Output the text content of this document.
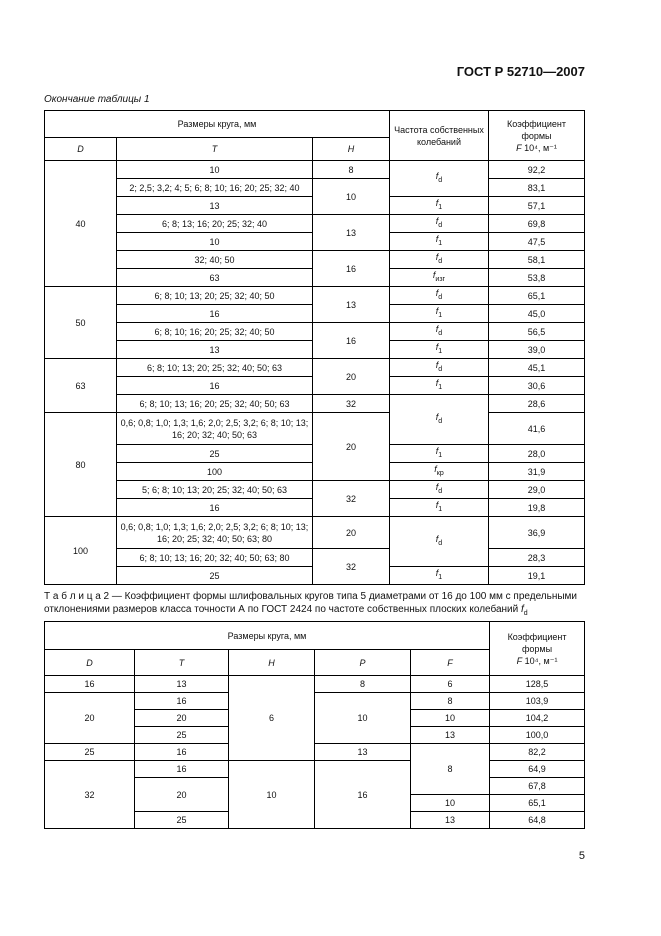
ГОСТ Р 52710—2007
Окончание таблицы 1
Размеры круга, мм			Частота собственных колебаний	Коэффициент формы
F 10⁴, м⁻¹
D	T	H		
40	10	8	$f_d$	92,2
	2; 2,5; 3,2; 4; 5; 6; 8; 10; 16; 20; 25; 32; 40	10		83,1
	13		$f_1$	57,1
	6; 8; 13; 16; 20; 25; 32; 40	13	$f_d$	69,8
	10		$f_1$	47,5
	32; 40; 50	16	$f_d$	58,1
	63		$f_{изг}$	53,8
50	6; 8; 10; 13; 20; 25; 32; 40; 50	13	$f_d$	65,1
	16		$f_1$	45,0
	6; 8; 10; 16; 20; 25; 32; 40; 50	16	$f_d$	56,5
	13		$f_1$	39,0
63	6; 8; 10; 13; 20; 25; 32; 40; 50; 63	20	$f_d$	45,1
	16		$f_1$	30,6
	6; 8; 10; 13; 16; 20; 25; 32; 40; 50; 63	32	$f_d$	28,6
80	0,6; 0,8; 1,0; 1,3; 1,6; 2,0; 2,5; 3,2; 6; 8; 10; 13; 16; 20; 32; 40; 50; 63	20		41,6
	25		$f_1$	28,0
	100		$f_{кр}$	31,9
	5; 6; 8; 10; 13; 20; 25; 32; 40; 50; 63	32	$f_d$	29,0
	16		$f_1$	19,8
100	0,6; 0,8; 1,0; 1,3; 1,6; 2,0; 2,5; 3,2; 6; 8; 10; 13; 16; 20; 25; 32; 40; 50; 63; 80	20	$f_d$	36,9
	6; 8; 10; 13; 16; 20; 32; 40; 50; 63; 80	32		28,3
	25		$f_1$	19,1
Т а б л и ц а 2 — Коэффициент формы шлифовальных кругов типа 5 диаметрами от 16 до 100 мм с предельными отклонениями размеров класса точности А по ГОСТ 2424 по частоте собственных плоских колебаний $f_d$
Размеры круга, мм					Коэффициент формы
F 10⁴, м⁻¹
D	T	H	P	F	
16	13	6	8	6	128,5
20	16		10	8	103,9
	20			10	104,2
	25			13	100,0
25	16		13	8	82,2
32	16	10	16		64,9
	20				67,8
				10	65,1
	25			13	64,8
5
